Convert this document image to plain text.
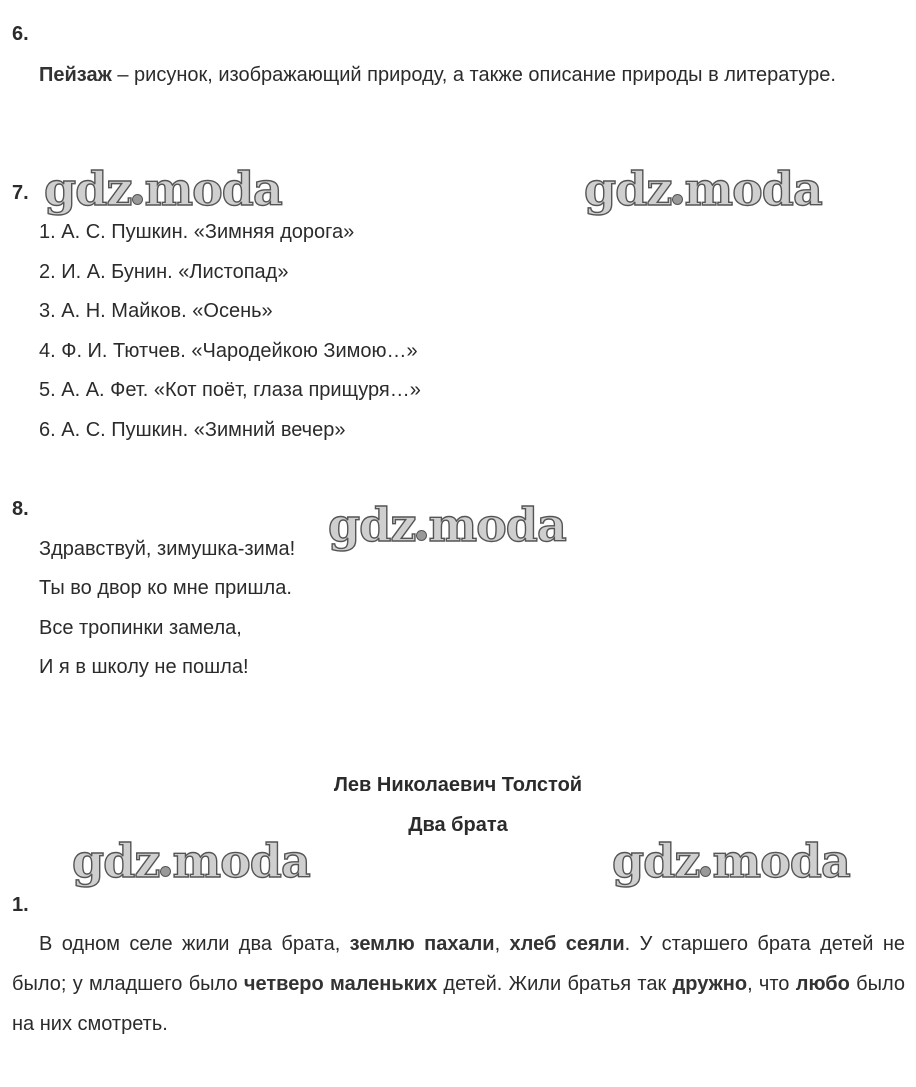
6.
Пейзаж – рисунок, изображающий природу, а также описание природы в литературе.
7.
1. А. С. Пушкин. «Зимняя дорога»
2. И. А. Бунин. «Листопад»
3. А. Н. Майков. «Осень»
4. Ф. И. Тютчев. «Чародейкою Зимою…»
5. А. А. Фет. «Кот поёт, глаза прищуря…»
6. А. С. Пушкин. «Зимний вечер»
8.
Здравствуй, зимушка-зима!
Ты во двор ко мне пришла.
Все тропинки замела,
И я в школу не пошла!
Лев Николаевич Толстой
Два брата
1.
В одном селе жили два брата, землю пахали, хлеб сеяли. У старшего брата детей не было; у младшего было четверо маленьких детей. Жили братья так дружно, что любо было на них смотреть.
gdz moda	gdz moda
gdz moda
gdz moda	gdz moda
